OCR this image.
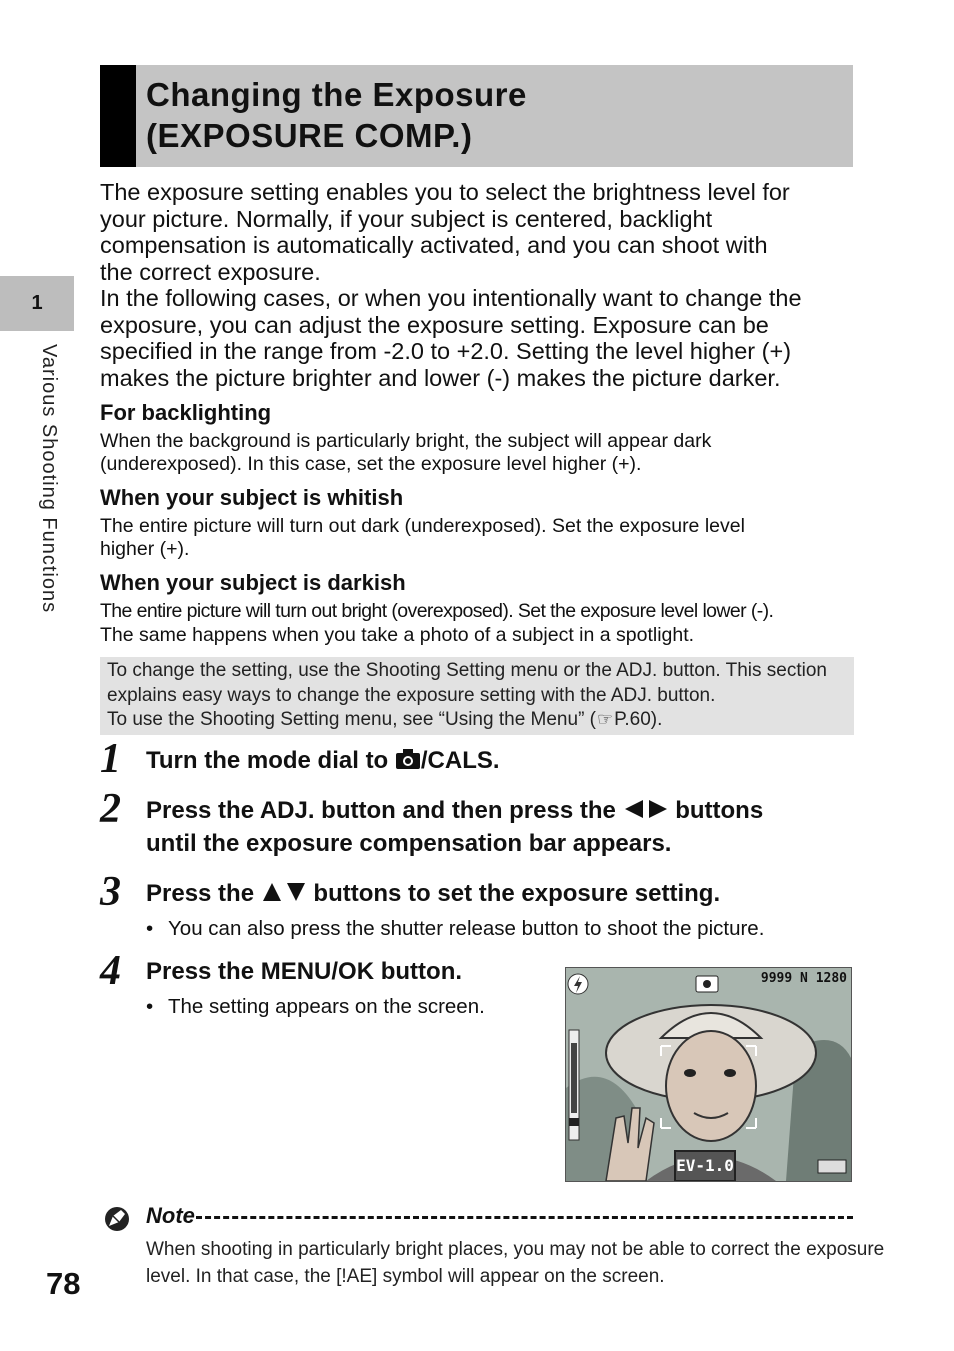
1
Various Shooting Functions
Changing the Exposure
(EXPOSURE COMP.)
The exposure setting enables you to select the brightness level for
your picture. Normally, if your subject is centered, backlight
compensation is automatically activated, and you can shoot with
the correct exposure.
In the following cases, or when you intentionally want to change the
exposure, you can adjust the exposure setting. Exposure can be
specified in the range from -2.0 to +2.0. Setting the level higher (+)
makes the picture brighter and lower (-) makes the picture darker.
For backlighting
When the background is particularly bright, the subject will appear dark
(underexposed). In this case, set the exposure level higher (+).
When your subject is whitish
The entire picture will turn out dark (underexposed). Set the exposure level
higher (+).
When your subject is darkish
The entire picture will turn out bright (overexposed). Set the exposure level lower (-).
The same happens when you take a photo of a subject in a spotlight.
To change the setting, use the Shooting Setting menu or the ADJ. button. This section
explains easy ways to change the exposure setting with the ADJ. button.
To use the Shooting Setting menu, see “Using the Menu” (☞P.60).
1 Turn the mode dial to /CALS.
2 Press the ADJ. button and then press the buttons
until the exposure compensation bar appears.
3 Press the buttons to set the exposure setting.
• You can also press the shutter release button to shoot the picture.
4 Press the MENU/OK button.
• The setting appears on the screen.
9999 N 1280
EV-1.0
Note
When shooting in particularly bright places, you may not be able to correct the exposure
level. In that case, the [!AE] symbol will appear on the screen.
78
